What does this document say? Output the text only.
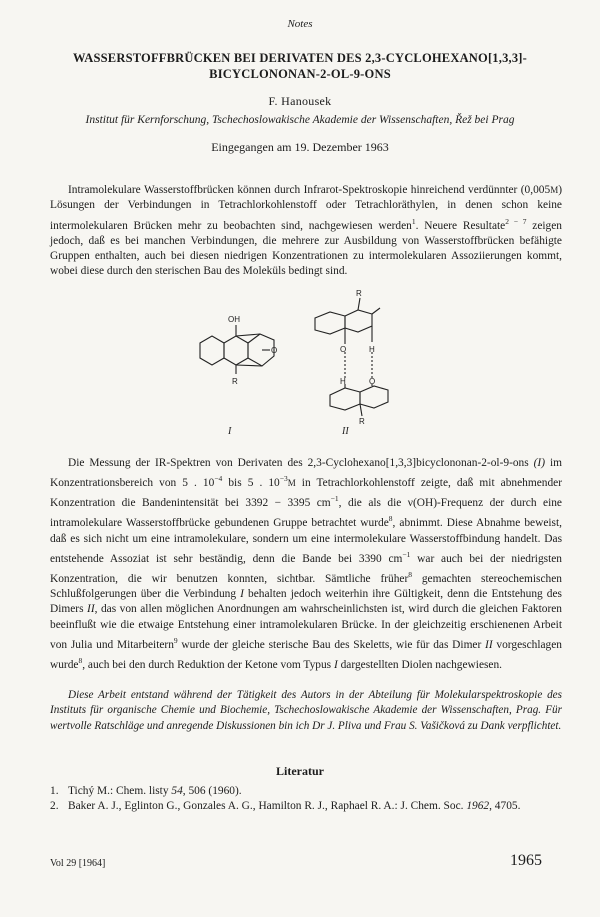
Notes
WASSERSTOFFBRÜCKEN BEI DERIVATEN DES 2,3-CYCLOHEXANO[1,3,3]-
BICYCLONONAN-2-OL-9-ONS
F. Hanousek
Institut für Kernforschung, Tschechoslowakische Akademie der Wissenschaften, Řež bei Prag
Eingegangen am 19. Dezember 1963

Intramolekulare Wasserstoffbrücken können durch Infrarot-Spektroskopie hinreichend verdünnter (0,005M) Lösungen der Verbindungen in Tetrachlorkohlenstoff oder Tetrachloräthylen, in denen schon keine intermolekularen Brücken mehr zu beobachten sind, nachgewiesen werden$^1$. Neuere Resultate$^{2 - 7}$ zeigen jedoch, daß es bei manchen Verbindungen, die mehrere zur Ausbildung von Wasserstoffbrücken befähigte Gruppen enthalten, auch bei diesen niedrigen Konzentrationen zu intermolekularen Assoziierungen kommt, wobei diese durch den sterischen Bau des Moleküls bedingt sind.

OH
O
R
R
O	H
H	O
R
I	II

Die Messung der IR-Spektren von Derivaten des 2,3-Cyclohexano[1,3,3]bicyclononan-2-ol-9-ons (I) im Konzentrationsbereich von 5 . $10^{-4}$ bis 5 . $10^{-3}M$ in Tetrachlorkohlenstoff zeigte, daß mit abnehmender Konzentration die Bandenintensität bei 3392 − 3395 $cm^{-1}$, die als die ν(OH)-Frequenz der durch eine intramolekulare Wasserstoffbrücke gebundenen Gruppe betrachtet wurde$^8$, abnimmt. Diese Abnahme beweist, daß es sich nicht um eine intramolekulare, sondern um eine intermolekulare Wasserstoffbindung handelt. Das entstehende Assoziat ist sehr beständig, denn die Bande bei 3390 $cm^{-1}$ war auch bei der niedrigsten Konzentration, die wir benutzen konnten, sichtbar. Sämtliche früher$^8$ gemachten stereochemischen Schlußfolgerungen über die Verbindung I behalten jedoch weiterhin ihre Gültigkeit, denn die Entstehung des Dimers II, das von allen möglichen Anordnungen am wahrscheinlichsten ist, wird durch die gleichen Faktoren beeinflußt wie die etwaige Entstehung einer intramolekularen Brücke. In der gleichzeitig erschienenen Arbeit von Julia und Mitarbeitern$^9$ wurde der gleiche sterische Bau des Skeletts, wie für das Dimer II vorgeschlagen wurde$^8$, auch bei den durch Reduktion der Ketone vom Typus I dargestellten Diolen nachgewiesen.

Diese Arbeit entstand während der Tätigkeit des Autors in der Abteilung für Molekularspektroskopie des Instituts für organische Chemie und Biochemie, Tschechoslowakische Akademie der Wissenschaften, Prag. Für wertvolle Ratschläge und anregende Diskussionen bin ich Dr J. Pliva und Frau S. Vašičková zu Dank verpflichtet.

Literatur
1. Tichý M.: Chem. listy 54, 506 (1960).
2. Baker A. J., Eglinton G., Gonzales A. G., Hamilton R. J., Raphael R. A.: J. Chem. Soc. 1962, 4705.
Vol 29 [1964]	1965
